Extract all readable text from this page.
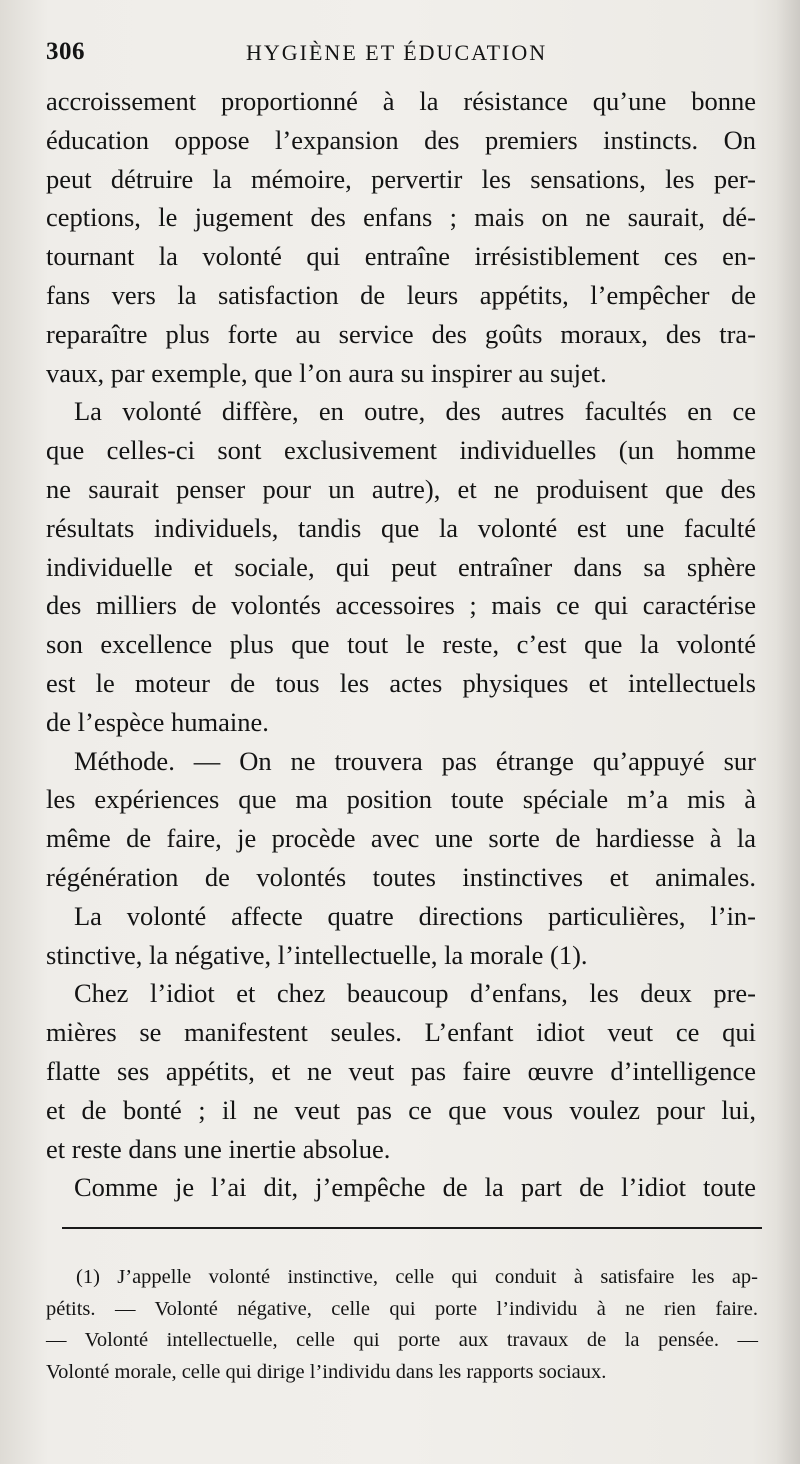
306	HYGIÈNE ET ÉDUCATION
accroissement proportionné à la résistance qu’une bonne
éducation oppose l’expansion des premiers instincts. On
peut détruire la mémoire, pervertir les sensations, les per-
ceptions, le jugement des enfans ; mais on ne saurait, dé-
tournant la volonté qui entraîne irrésistiblement ces en-
fans vers la satisfaction de leurs appétits, l’empêcher de
reparaître plus forte au service des goûts moraux, des tra-
vaux, par exemple, que l’on aura su inspirer au sujet.
La volonté diffère, en outre, des autres facultés en ce
que celles-ci sont exclusivement individuelles (un homme
ne saurait penser pour un autre), et ne produisent que des
résultats individuels, tandis que la volonté est une faculté
individuelle et sociale, qui peut entraîner dans sa sphère
des milliers de volontés accessoires ; mais ce qui caractérise
son excellence plus que tout le reste, c’est que la volonté
est le moteur de tous les actes physiques et intellectuels
de l’espèce humaine.
Méthode. — On ne trouvera pas étrange qu’appuyé sur
les expériences que ma position toute spéciale m’a mis à
même de faire, je procède avec une sorte de hardiesse à la
régénération de volontés toutes instinctives et animales.
La volonté affecte quatre directions particulières, l’in-
stinctive, la négative, l’intellectuelle, la morale (1).
Chez l’idiot et chez beaucoup d’enfans, les deux pre-
mières se manifestent seules. L’enfant idiot veut ce qui
flatte ses appétits, et ne veut pas faire œuvre d’intelligence
et de bonté ; il ne veut pas ce que vous voulez pour lui,
et reste dans une inertie absolue.
Comme je l’ai dit, j’empêche de la part de l’idiot toute
(1) J’appelle volonté instinctive, celle qui conduit à satisfaire les ap-
pétits. — Volonté négative, celle qui porte l’individu à ne rien faire.
— Volonté intellectuelle, celle qui porte aux travaux de la pensée. —
Volonté morale, celle qui dirige l’individu dans les rapports sociaux.
